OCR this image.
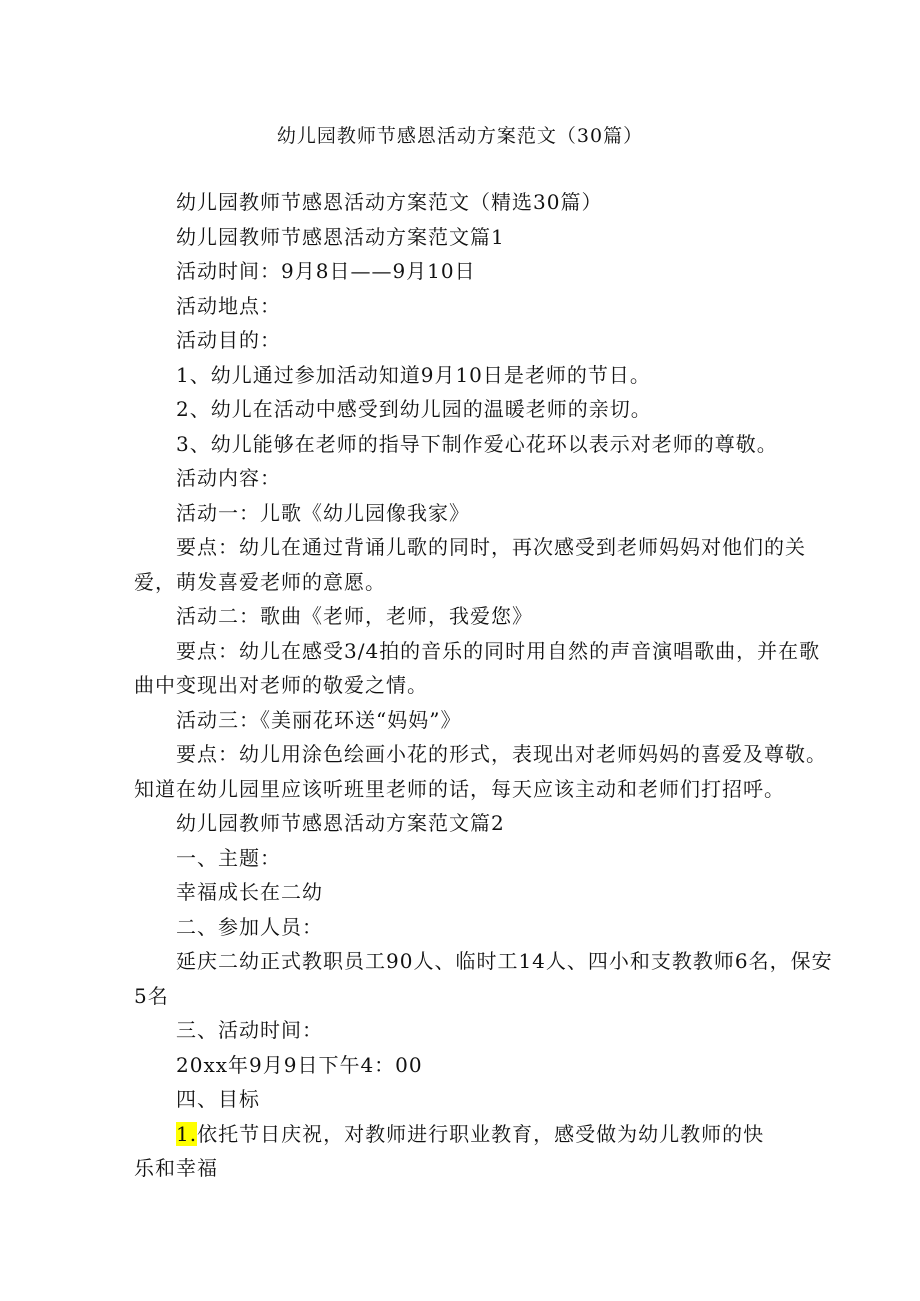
幼儿园教师节感恩活动方案范文（30篇）
幼儿园教师节感恩活动方案范文（精选30篇）
幼儿园教师节感恩活动方案范文篇1
活动时间：9月8日——9月10日
活动地点：
活动目的：
1、幼儿通过参加活动知道9月10日是老师的节日。
2、幼儿在活动中感受到幼儿园的温暖老师的亲切。
3、幼儿能够在老师的指导下制作爱心花环以表示对老师的尊敬。
活动内容：
活动一：儿歌《幼儿园像我家》
要点：幼儿在通过背诵儿歌的同时，再次感受到老师妈妈对他们的关
爱，萌发喜爱老师的意愿。
活动二：歌曲《老师，老师，我爱您》
要点：幼儿在感受3/4拍的音乐的同时用自然的声音演唱歌曲，并在歌
曲中变现出对老师的敬爱之情。
活动三：《美丽花环送“妈妈”》
要点：幼儿用涂色绘画小花的形式，表现出对老师妈妈的喜爱及尊敬。
知道在幼儿园里应该听班里老师的话，每天应该主动和老师们打招呼。
幼儿园教师节感恩活动方案范文篇2
一、主题：
幸福成长在二幼
二、参加人员：
延庆二幼正式教职员工90人、临时工14人、四小和支教教师6名，保安
5名
三、活动时间：
20xx年9月9日下午4：00
四、目标
1.依托节日庆祝，对教师进行职业教育，感受做为幼儿教师的快
乐和幸福
